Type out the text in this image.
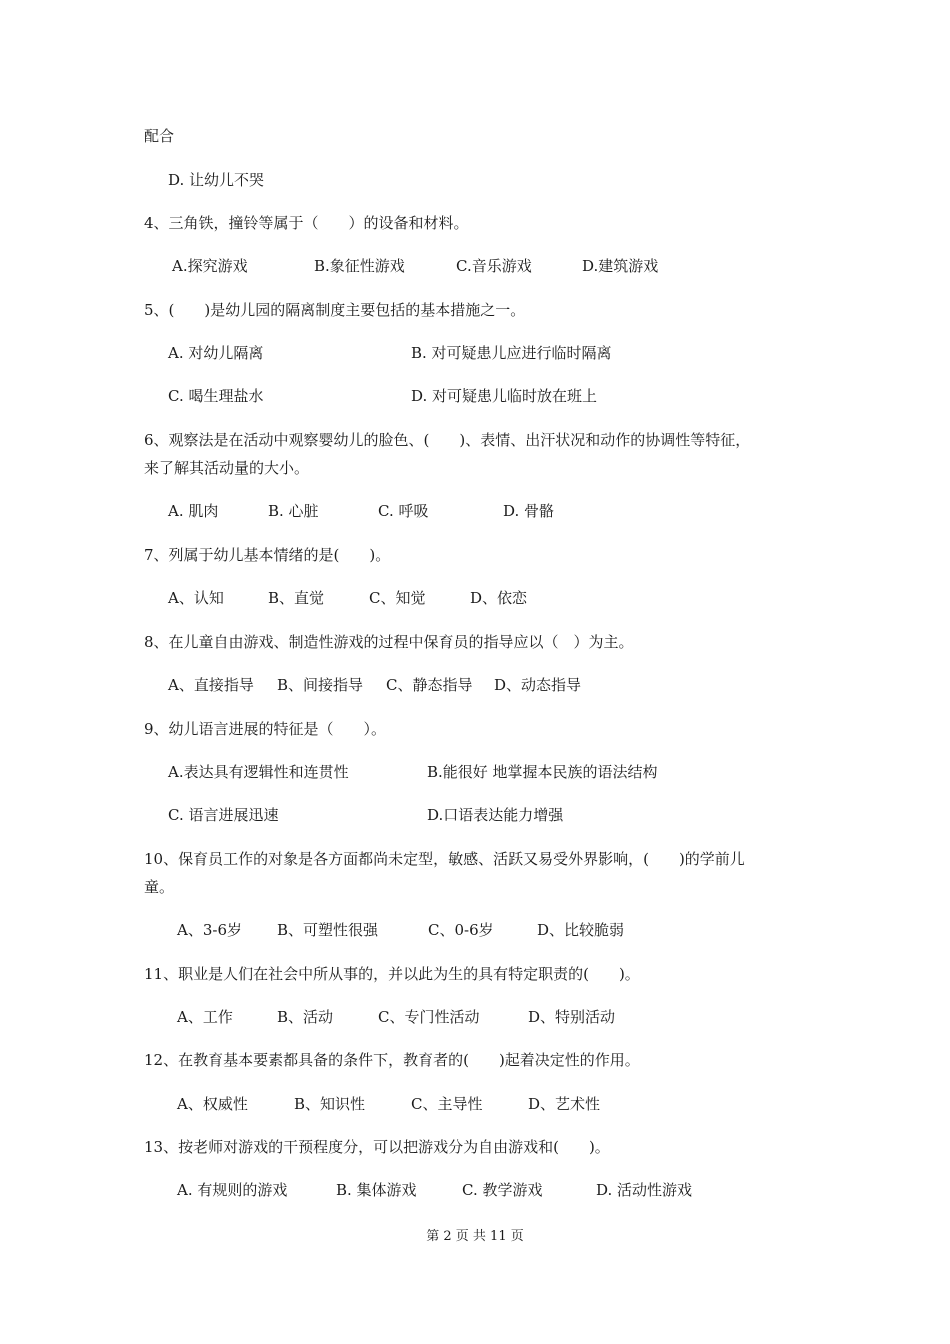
配合

D. 让幼儿不哭

4、三角铁，撞铃等属于（　　）的设备和材料。

A.探究游戏	B.象征性游戏	C.音乐游戏	D.建筑游戏

5、(　　)是幼儿园的隔离制度主要包括的基本措施之一。

A. 对幼儿隔离	B. 对可疑患儿应进行临时隔离

C. 喝生理盐水	D. 对可疑患儿临时放在班上

6、观察法是在活动中观察婴幼儿的脸色、(　　)、表情、出汗状况和动作的协调性等特征，

来了解其活动量的大小。

A. 肌肉	B. 心脏	C. 呼吸	D. 骨骼

7、列属于幼儿基本情绪的是(　　)。

A、认知	B、直觉	C、知觉	D、依恋

8、在儿童自由游戏、制造性游戏的过程中保育员的指导应以（　）为主。

A、直接指导 B、间接指导 C、静态指导 D、动态指导

9、幼儿语言进展的特征是（　　）。

A.表达具有逻辑性和连贯性	B.能很好 地掌握本民族的语法结构

C. 语言进展迅速	D.口语表达能力增强

10、保育员工作的对象是各方面都尚未定型，敏感、活跃又易受外界影响，(　　)的学前儿

童。

A、3-6岁 B、可塑性很强	C、0-6岁	D、比较脆弱

11、职业是人们在社会中所从事的，并以此为生的具有特定职责的(　　)。

A、工作	B、活动	C、专门性活动	D、特别活动

12、在教育基本要素都具备的条件下，教育者的(　　)起着决定性的作用。

A、权威性	B、知识性	C、主导性	D、艺术性

13、按老师对游戏的干预程度分，可以把游戏分为自由游戏和(　　)。

A. 有规则的游戏	B. 集体游戏	C. 教学游戏	D. 活动性游戏

第 2 页 共 11 页
